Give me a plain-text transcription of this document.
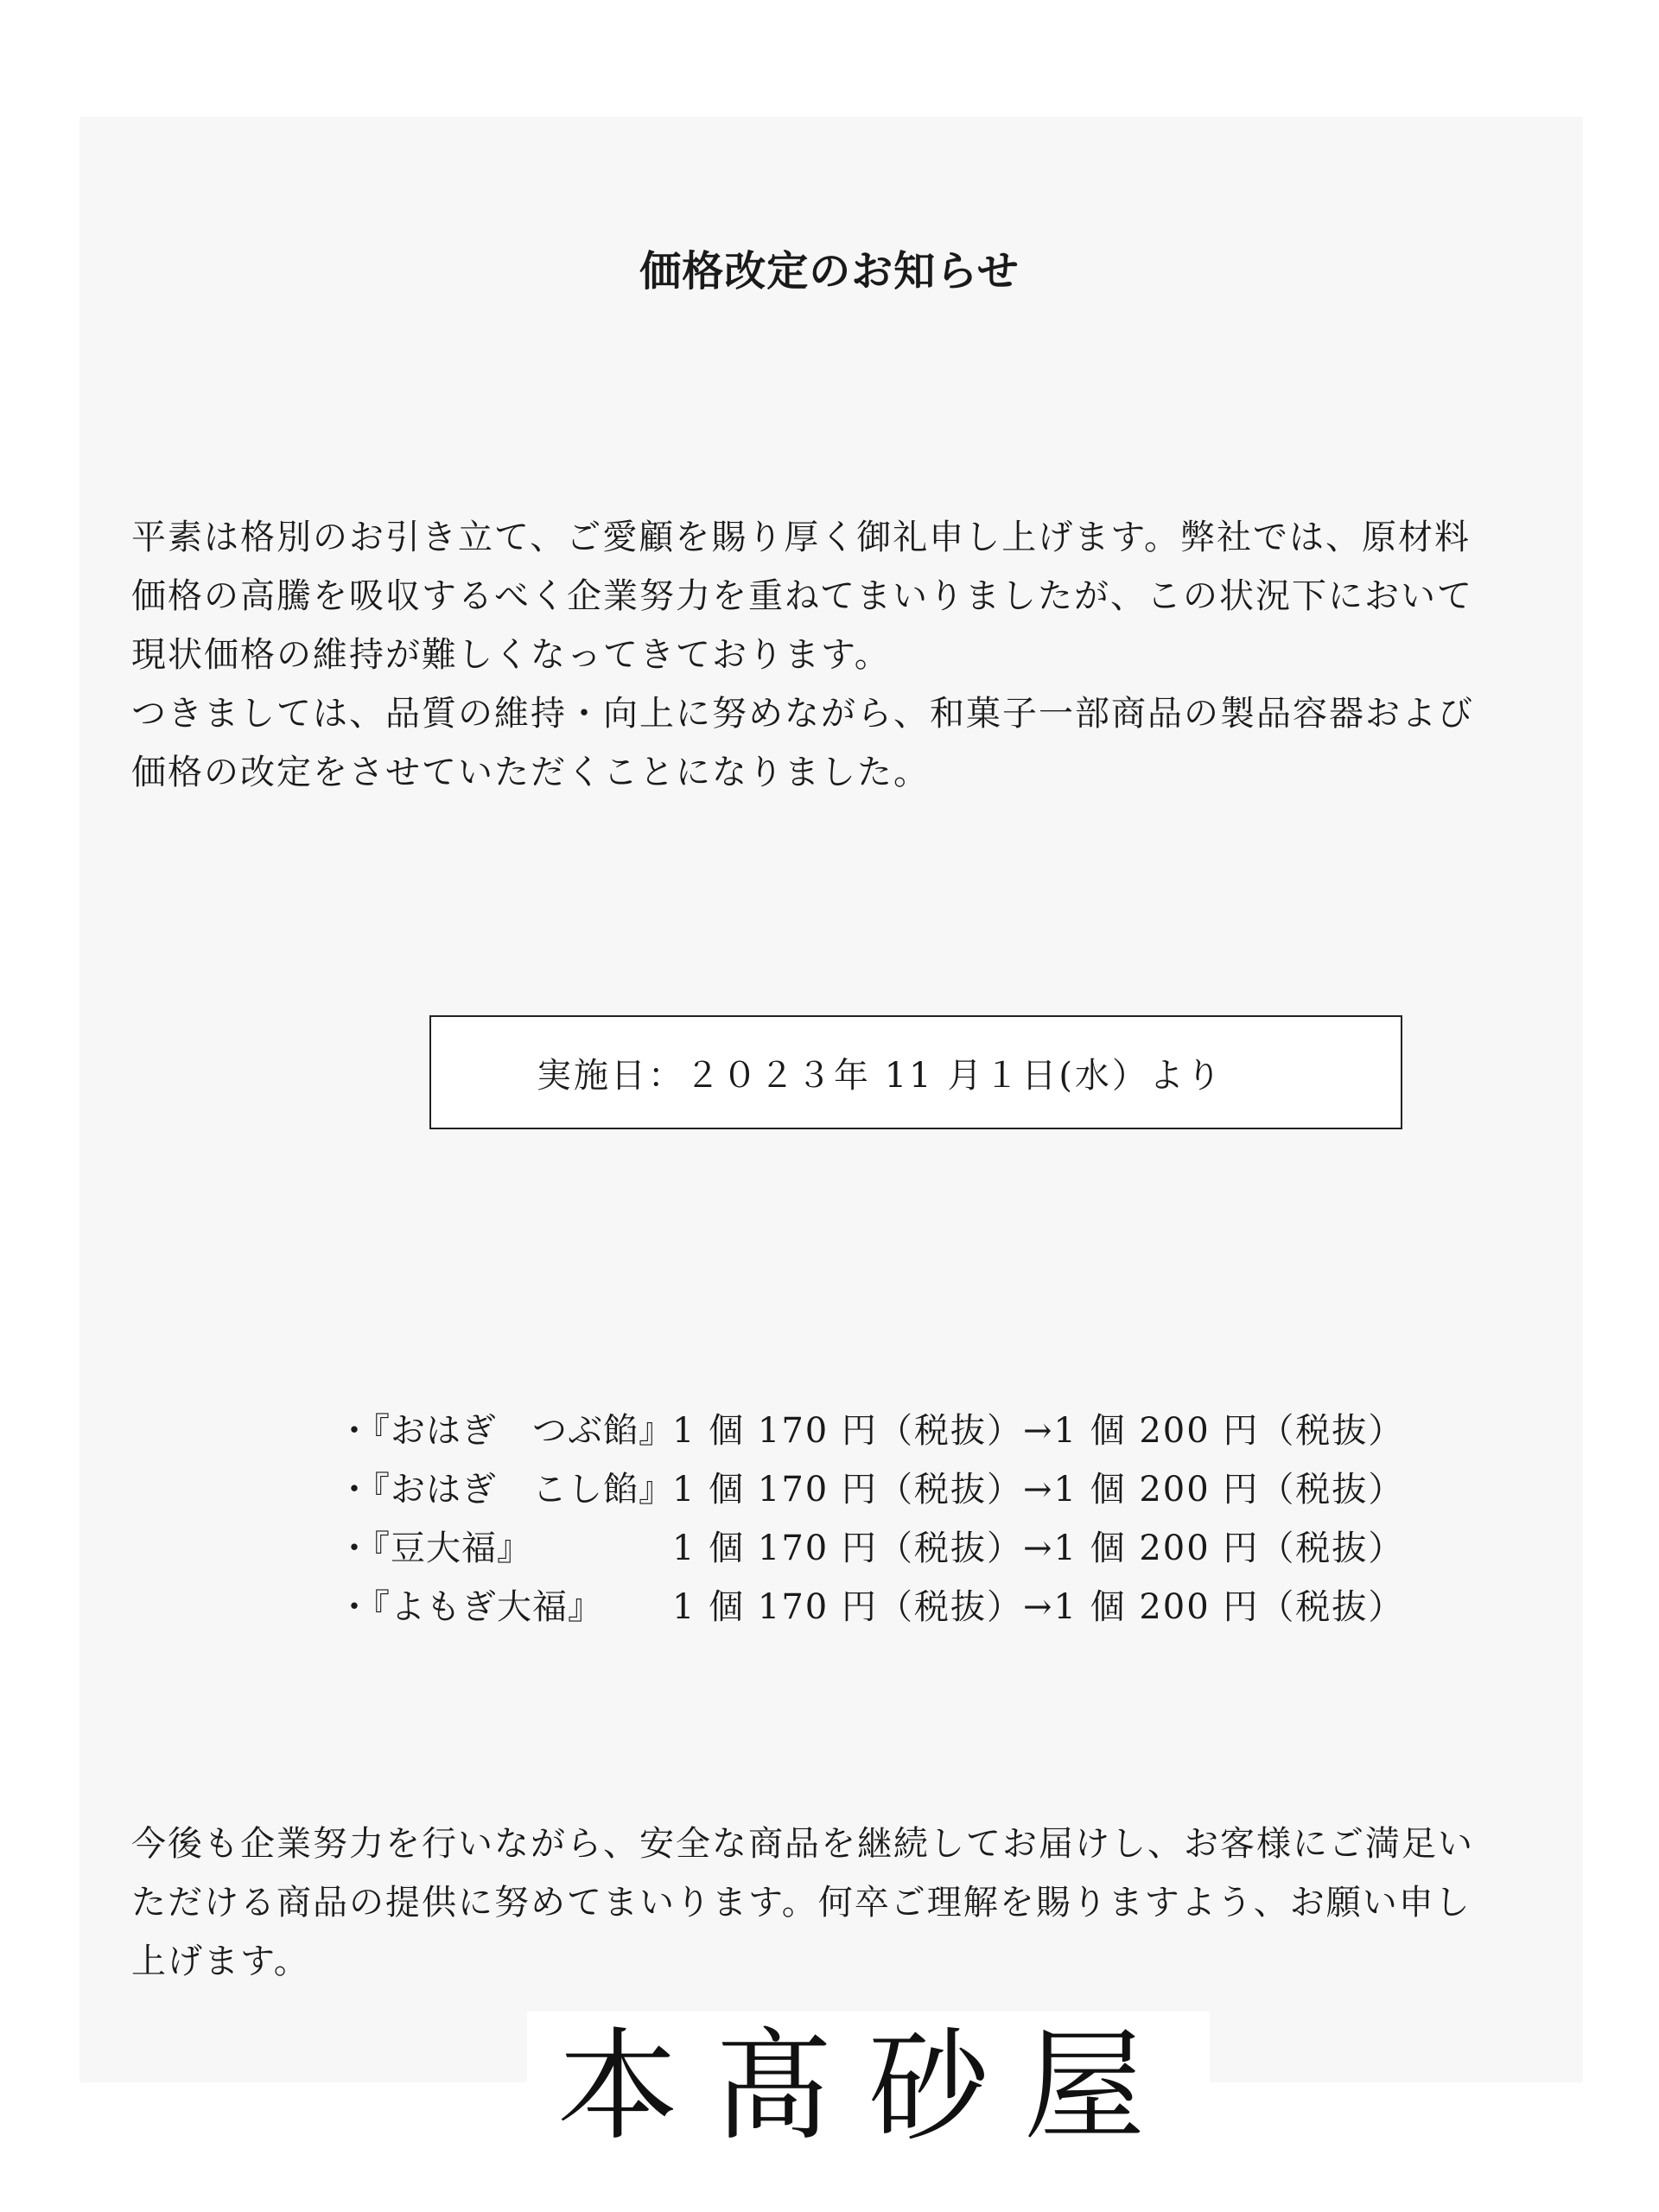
価格改定のお知らせ

平素は格別のお引き立て、ご愛顧を賜り厚く御礼申し上げます。弊社では、原材料

価格の高騰を吸収するべく企業努力を重ねてまいりましたが、この状況下において

現状価格の維持が難しくなってきております。

つきましては、品質の維持・向上に努めながら、和菓子一部商品の製品容器および

価格の改定をさせていただくことになりました。

実施日：２０２３年 11 月１日(水）より
・『おはぎ　つぶ餡』
1 個 170 円（税抜）→1 個 200 円（税抜）
・『おはぎ　こし餡』
1 個 170 円（税抜）→1 個 200 円（税抜）
・『豆大福』	1 個 170 円（税抜）→1 個 200 円（税抜）
・『よもぎ大福』	1 個 170 円（税抜）→1 個 200 円（税抜）

今後も企業努力を行いながら、安全な商品を継続してお届けし、お客様にご満足い

ただける商品の提供に努めてまいります。何卒ご理解を賜りますよう、お願い申し

上げます。

本髙砂屋
